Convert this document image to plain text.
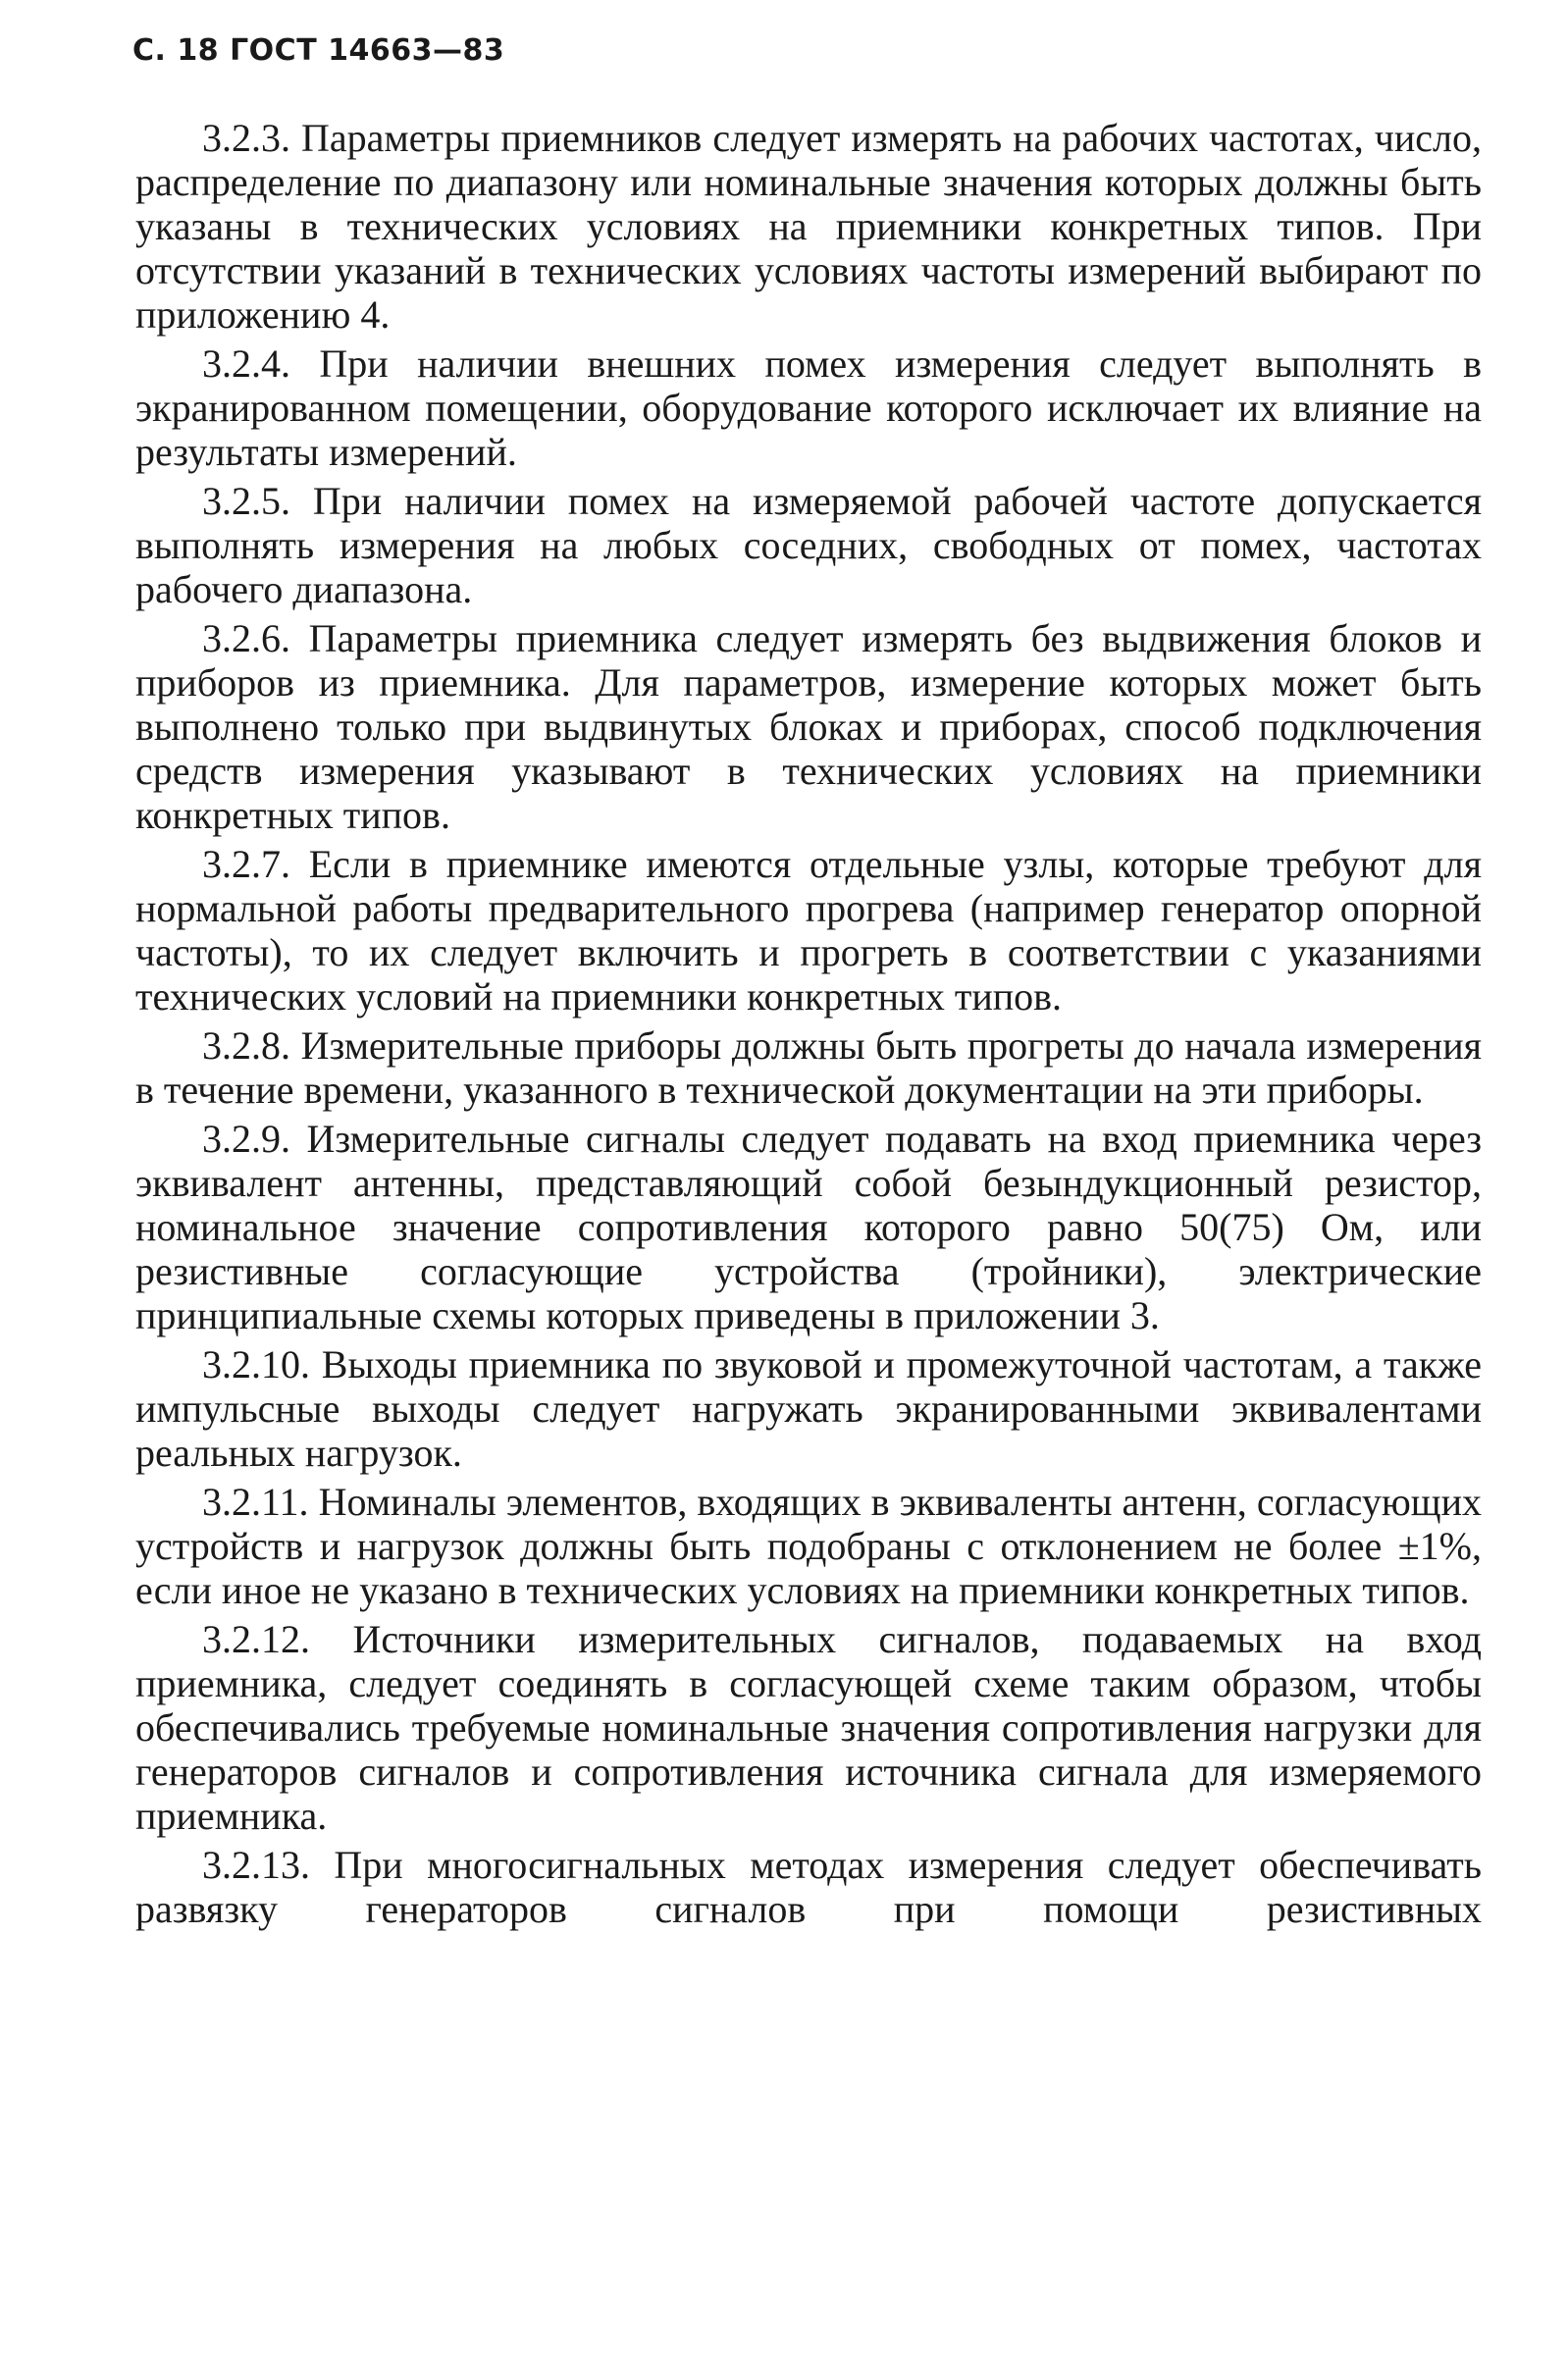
С. 18 ГОСТ 14663—83

3.2.3. Параметры приемников следует измерять на рабочих частотах, число, распределение по диапазону или номинальные значения которых должны быть указаны в технических условиях на приемники конкретных типов. При отсутствии указаний в технических условиях частоты измерений выбирают по приложению 4.

3.2.4. При наличии внешних помех измерения следует выполнять в экранированном помещении, оборудование которого исключает их влияние на результаты измерений.

3.2.5. При наличии помех на измеряемой рабочей частоте допускается выполнять измерения на любых соседних, свободных от помех, частотах рабочего диапазона.

3.2.6. Параметры приемника следует измерять без выдвижения блоков и приборов из приемника. Для параметров, измерение которых может быть выполнено только при выдвинутых блоках и приборах, способ подключения средств измерения указывают в технических условиях на приемники конкретных типов.

3.2.7. Если в приемнике имеются отдельные узлы, которые требуют для нормальной работы предварительного прогрева (например генератор опорной частоты), то их следует включить и прогреть в соответствии с указаниями технических условий на приемники конкретных типов.

3.2.8. Измерительные приборы должны быть прогреты до начала измерения в течение времени, указанного в технической документации на эти приборы.

3.2.9. Измерительные сигналы следует подавать на вход приемника через эквивалент антенны, представляющий собой безындукционный резистор, номинальное значение сопротивления которого равно 50(75) Ом, или резистивные согласующие устройства (тройники), электрические принципиальные схемы которых приведены в приложении 3.

3.2.10. Выходы приемника по звуковой и промежуточной частотам, а также импульсные выходы следует нагружать экранированными эквивалентами реальных нагрузок.

3.2.11. Номиналы элементов, входящих в эквиваленты антенн, согласующих устройств и нагрузок должны быть подобраны с отклонением не более ±1%, если иное не указано в технических условиях на приемники конкретных типов.

3.2.12. Источники измерительных сигналов, подаваемых на вход приемника, следует соединять в согласующей схеме таким образом, чтобы обеспечивались требуемые номинальные значения сопротивления нагрузки для генераторов сигналов и сопротивления источника сигнала для измеряемого приемника.

3.2.13. При многосигнальных методах измерения следует обеспечивать развязку генераторов сигналов при помощи резистивных
